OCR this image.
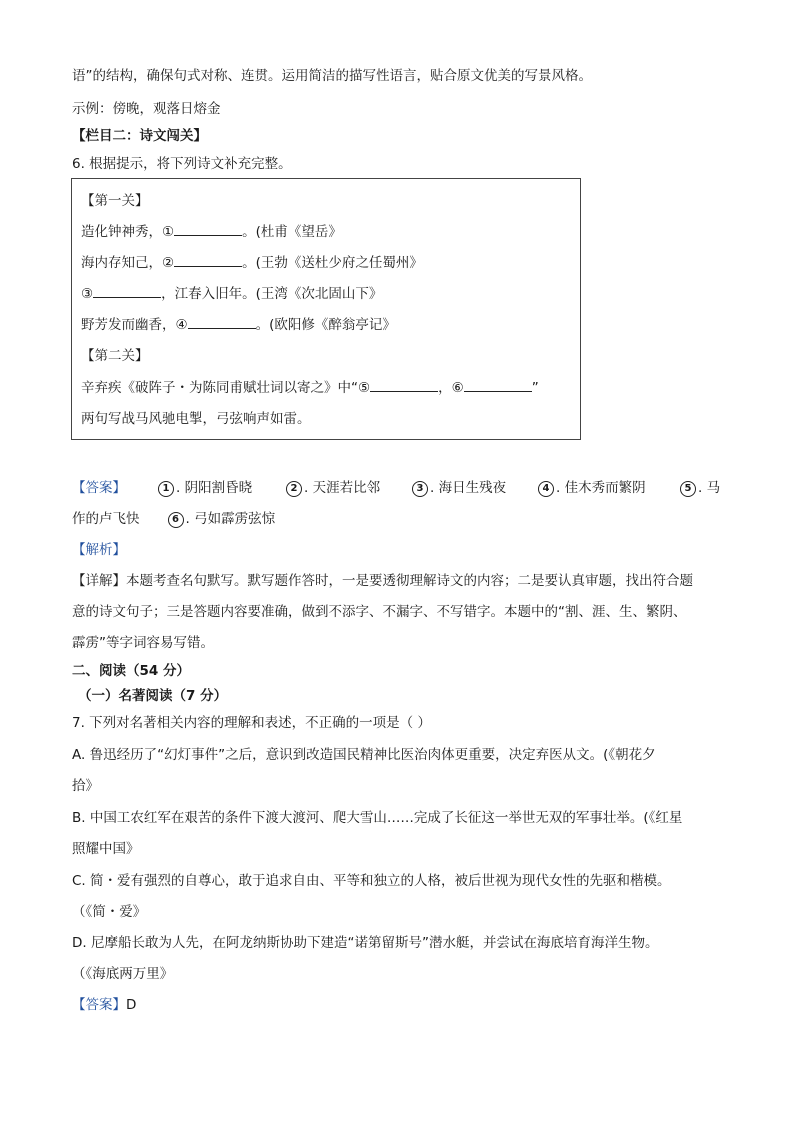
语”的结构，确保句式对称、连贯。运用简洁的描写性语言，贴合原文优美的写景风格。
示例：傍晚，观落日熔金
【栏目二：诗文闯关】
6. 根据提示，将下列诗文补充完整。
【第一关】
造化钟神秀，①	。(杜甫《望岳》
海内存知己，②	。(王勃《送杜少府之任蜀州》
③	，江春入旧年。(王湾《次北固山下》
野芳发而幽香，④	。(欧阳修《醉翁亭记》
【第二关】
辛弃疾《破阵子・为陈同甫赋壮词以寄之》中“⑤	，⑥	”
两句写战马风驰电掣，弓弦响声如雷。
【答案】	1 . 阴阳割昏晓	2 . 天涯若比邻	3 . 海日生残夜	4 . 佳木秀而繁阴	5 . 马
作的卢飞快	6 . 弓如霹雳弦惊
【解析】
【详解】本题考查名句默写。默写题作答时，一是要透彻理解诗文的内容；二是要认真审题，找出符合题
意的诗文句子；三是答题内容要准确，做到不添字、不漏字、不写错字。本题中的“割、涯、生、繁阴、
霹雳”等字词容易写错。
二、阅读（54 分）
（一）名著阅读（7 分）
7. 下列对名著相关内容的理解和表述，不正确的一项是（ ）
A. 鲁迅经历了“幻灯事件”之后，意识到改造国民精神比医治肉体更重要，决定弃医从文。(《朝花夕
拾》
B. 中国工农红军在艰苦的条件下渡大渡河、爬大雪山……完成了长征这一举世无双的军事壮举。(《红星
照耀中国》
C. 简・爱有强烈的自尊心，敢于追求自由、平等和独立的人格，被后世视为现代女性的先驱和楷模。
（《简・爱》
D. 尼摩船长敢为人先，在阿龙纳斯协助下建造“诺第留斯号”潜水艇，并尝试在海底培育海洋生物。
（《海底两万里》
【答案】D
